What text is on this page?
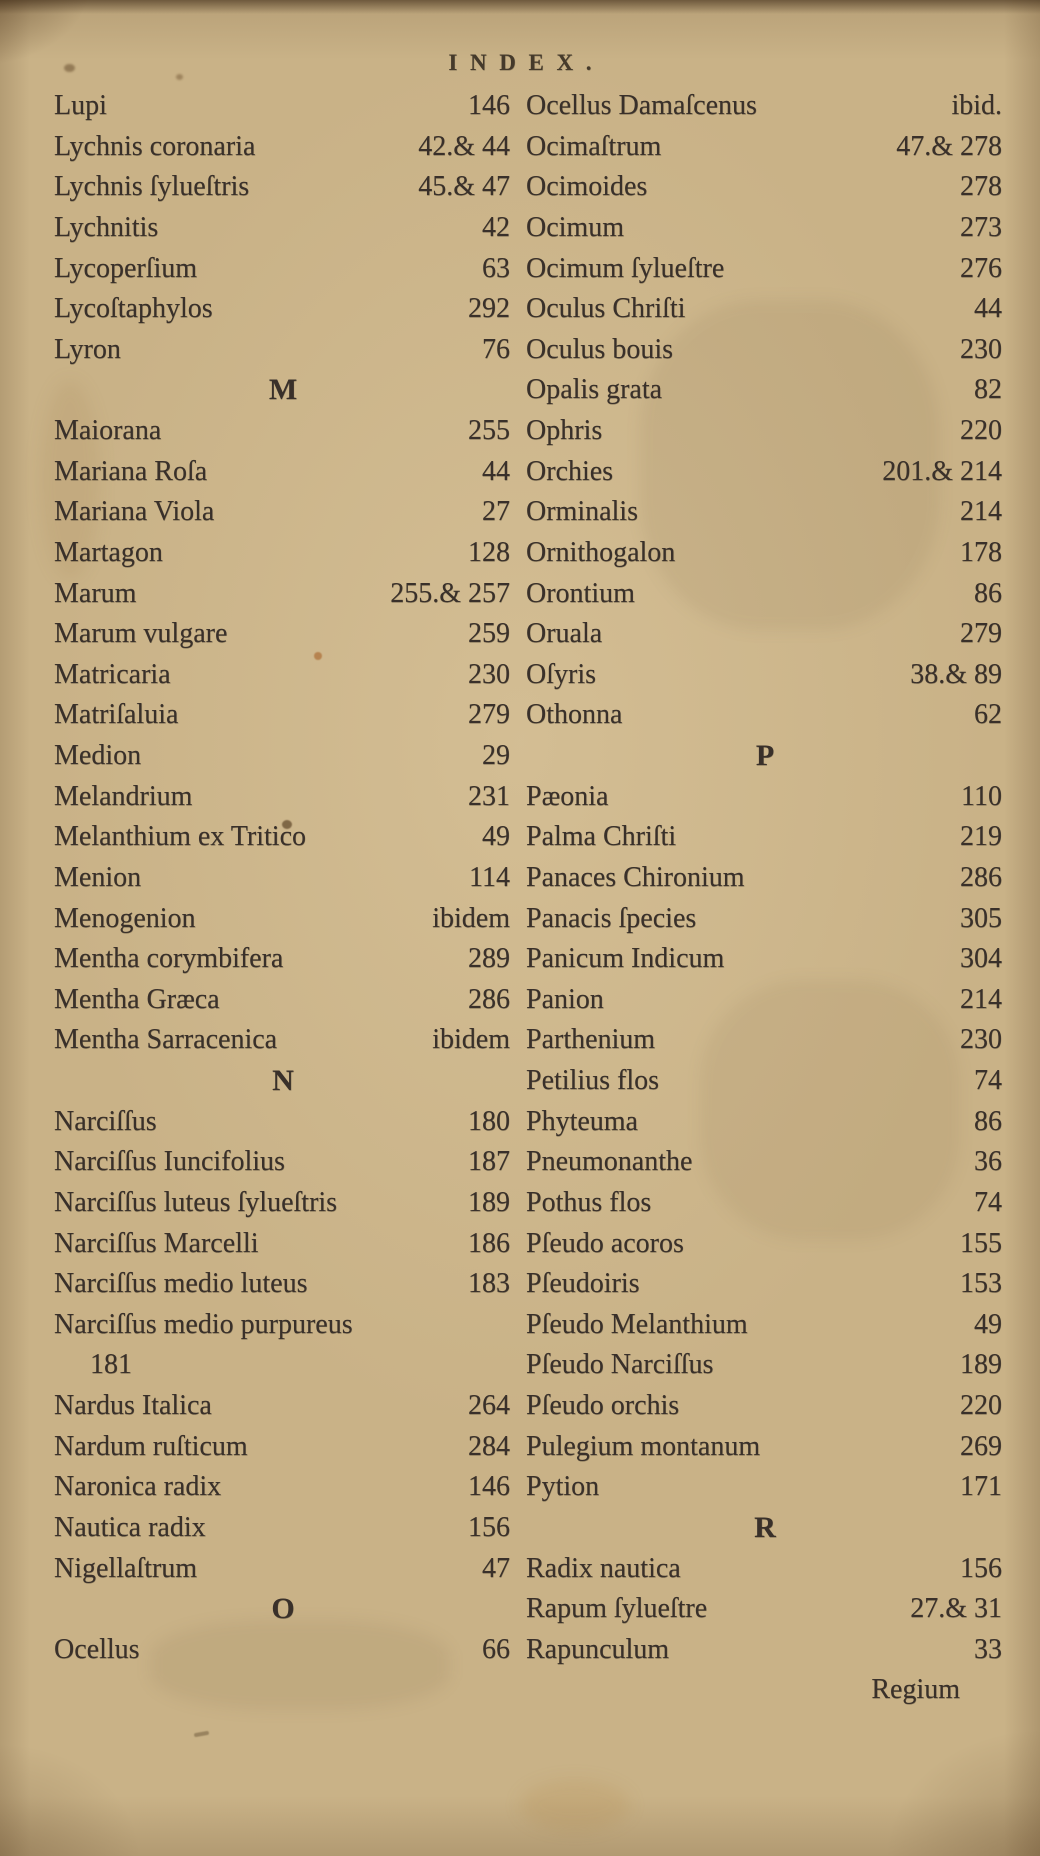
INDEX.
Lupi	146
Lychnis coronaria	42.& 44
Lychnis ſylueſtris	45.& 47
Lychnitis	42
Lycoperſium	63
Lycoſtaphylos	292
Lyron	76
M
Maiorana	255
Mariana Roſa	44
Mariana Viola	27
Martagon	128
Marum	255.& 257
Marum vulgare	259
Matricaria	230
Matriſaluia	279
Medion	29
Melandrium	231
Melanthium ex Tritico	49
Menion	114
Menogenion	ibidem
Mentha corymbifera	289
Mentha Græca	286
Mentha Sarracenica	ibidem
N
Narciſſus	180
Narciſſus Iuncifolius	187
Narciſſus luteus ſylueſtris	189
Narciſſus Marcelli	186
Narciſſus medio luteus	183
Narciſſus medio purpureus
181
Nardus Italica	264
Nardum ruſticum	284
Naronica radix	146
Nautica radix	156
Nigellaſtrum	47
O
Ocellus	66
Ocellus Damaſcenus	ibid.
Ocimaſtrum	47.& 278
Ocimoides	278
Ocimum	273
Ocimum ſylueſtre	276
Oculus Chriſti	44
Oculus bouis	230
Opalis grata	82
Ophris	220
Orchies	201.& 214
Orminalis	214
Ornithogalon	178
Orontium	86
Oruala	279
Oſyris	38.& 89
Othonna	62
P
Pæonia	110
Palma Chriſti	219
Panaces Chironium	286
Panacis ſpecies	305
Panicum Indicum	304
Panion	214
Parthenium	230
Petilius flos	74
Phyteuma	86
Pneumonanthe	36
Pothus flos	74
Pſeudo acoros	155
Pſeudoiris	153
Pſeudo Melanthium	49
Pſeudo Narciſſus	189
Pſeudo orchis	220
Pulegium montanum	269
Pytion	171
R
Radix nautica	156
Rapum ſylueſtre	27.& 31
Rapunculum	33
Regium
